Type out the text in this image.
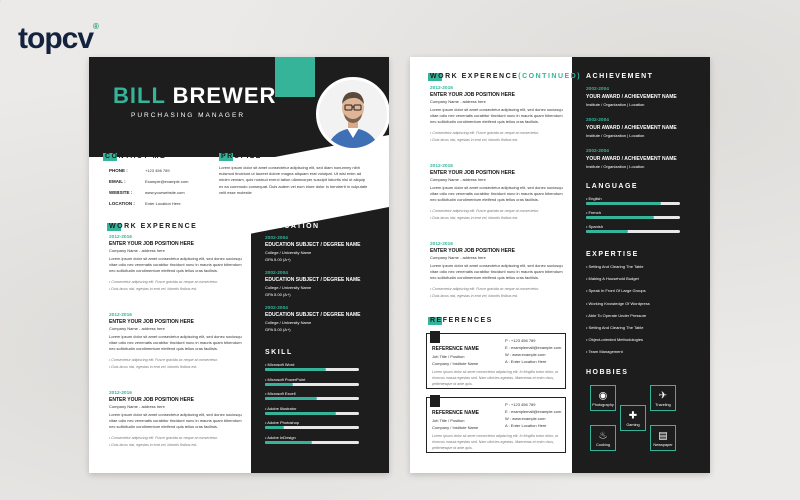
topcv®
BILL BREWER
PURCHASING MANAGER
CONTACT ME
PHONE :	+123 456 789
EMAIL :	Example@example.com
WEBSITE :	www.yourwebsite.com
LOCATION :	Enter Location Here
PROFILE
Lorem ipsum dolor sit amet consectetur adipiscing elit, sed diam nonummy nibh euismod tincidunt ut laoreet dolore magna aliquam erat volutpat. Ut wisi enim ad minim veniam, quis nostrud exerci tation ullamcorper suscipit lobortis nisl ut aliquip ex ea commodo consequat. Duis autem vel eum iriure dolor in hendrerit in vulputate velit esse molestie
WORK EXPERENCE
2012-2016
ENTER YOUR JOB POSITION HERE
Company Name - address here
Lorem ipsum dolor sit amet consectetur adipiscing elit, sed donec sociosqu vitae odio nec venenatis curabitur tincidunt nunc in mauris quam bibendum nec sollicitudin condimentum eleifend quis tellus cras facilisis.
• Consectetur adipiscing elit. Fusce gravida ac neque at consectetur.
• Duis lacus nisi, egestas in erat vel, lobortis finibus est.
2012-2016
ENTER YOUR JOB POSITION HERE
Company Name - address here
Lorem ipsum dolor sit amet consectetur adipiscing elit, sed donec sociosqu vitae odio nec venenatis curabitur tincidunt nunc in mauris quam bibendum nec sollicitudin condimentum eleifend quis tellus cras facilisis.
• Consectetur adipiscing elit. Fusce gravida ac neque at consectetur.
• Duis lacus nisi, egestas in erat vel, lobortis finibus est.
2012-2016
ENTER YOUR JOB POSITION HERE
Company Name - address here
Lorem ipsum dolor sit amet consectetur adipiscing elit, sed donec sociosqu vitae odio nec venenatis curabitur tincidunt nunc in mauris quam bibendum nec sollicitudin condimentum eleifend quis tellus cras facilisis.
• Consectetur adipiscing elit. Fusce gravida ac neque at consectetur.
• Duis lacus nisi, egestas in erat vel, lobortis finibus est.
EDUCATION
2002-2004
EDUCATION SUBJECT / DEGREE NAME
College / University Name
GPA 5.00 (A+)
2002-2004
EDUCATION SUBJECT / DEGREE NAME
College / University Name
GPA 5.00 (A+)
2002-2004
EDUCATION SUBJECT / DEGREE NAME
College / University Name
GPA 5.00 (A+)
SKILL
• Microsoft Word
• Microsoft PowerPoint
• Microsoft Excell
• Adobe Illustrator
• Adobe Photoshop
• Adobe InDesign
WORK EXPERENCE(CONTINUED)
2012-2016
ENTER YOUR JOB POSITION HERE
Company Name - address here
Lorem ipsum dolor sit amet consectetur adipiscing elit, sed donec sociosqu vitae odio nec venenatis curabitur tincidunt nunc in mauris quam bibendum nec sollicitudin condimentum eleifend quis tellus cras facilisis.
• Consectetur adipiscing elit. Fusce gravida ac neque at consectetur.
• Duis lacus nisi, egestas in erat vel, lobortis finibus est.
2012-2016
ENTER YOUR JOB POSITION HERE
Company Name - address here
Lorem ipsum dolor sit amet consectetur adipiscing elit, sed donec sociosqu vitae odio nec venenatis curabitur tincidunt nunc in mauris quam bibendum nec sollicitudin condimentum eleifend quis tellus cras facilisis.
• Consectetur adipiscing elit. Fusce gravida ac neque at consectetur.
• Duis lacus nisi, egestas in erat vel, lobortis finibus est.
2012-2016
ENTER YOUR JOB POSITION HERE
Company Name - address here
Lorem ipsum dolor sit amet consectetur adipiscing elit, sed donec sociosqu vitae odio nec venenatis curabitur tincidunt nunc in mauris quam bibendum nec sollicitudin condimentum eleifend quis tellus cras facilisis.
• Consectetur adipiscing elit. Fusce gravida ac neque at consectetur.
• Duis lacus nisi, egestas in erat vel, lobortis finibus est.
REFERENCES
REFERENCE NAME
Job Title / Position
Company / Institute Name
P : +123 456 789
E : examplemail@example.com
W : www.example.com
A : Enter Location Here
Lorem ipsum dolor sit amet consectetur adipiscing elit. In fringilla tortor dolor, ut rhoncus massa egestas sed. Nam ultricies egestas. Maecenas et enim risus, pellentesque id ante quis.
REFERENCE NAME
Job Title / Position
Company / Institute Name
P : +123 456 789
E : examplemail@example.com
W : www.example.com
A : Enter Location Here
Lorem ipsum dolor sit amet consectetur adipiscing elit. In fringilla tortor dolor, ut rhoncus massa egestas sed. Nam ultricies egestas. Maecenas et enim risus, pellentesque id ante quis.
ACHIEVEMENT
2002-2004
YOUR AWARD / ACHIEVEMENT NAME
Institute / Organization | Location
2002-2004
YOUR AWARD / ACHIEVEMENT NAME
Institute / Organization | Location
2002-2004
YOUR AWARD / ACHIEVEMENT NAME
Institute / Organization | Location
LANGUAGE
• English
• French
• Spanish
EXPERTISE
• Setting And Clearing The Table
• Making A Household Budget
• Speak In Front Of Large Groups
• Working Knowledge Of Wordpress
• Able To Operate Under Pressure
• Setting And Clearing The Table
• Object-oriented Methodologies
• Team Management
HOBBIES
◉
Photography
✈
Traveling
✚
Gaming
♨
Cooking
▤
Newspaper
